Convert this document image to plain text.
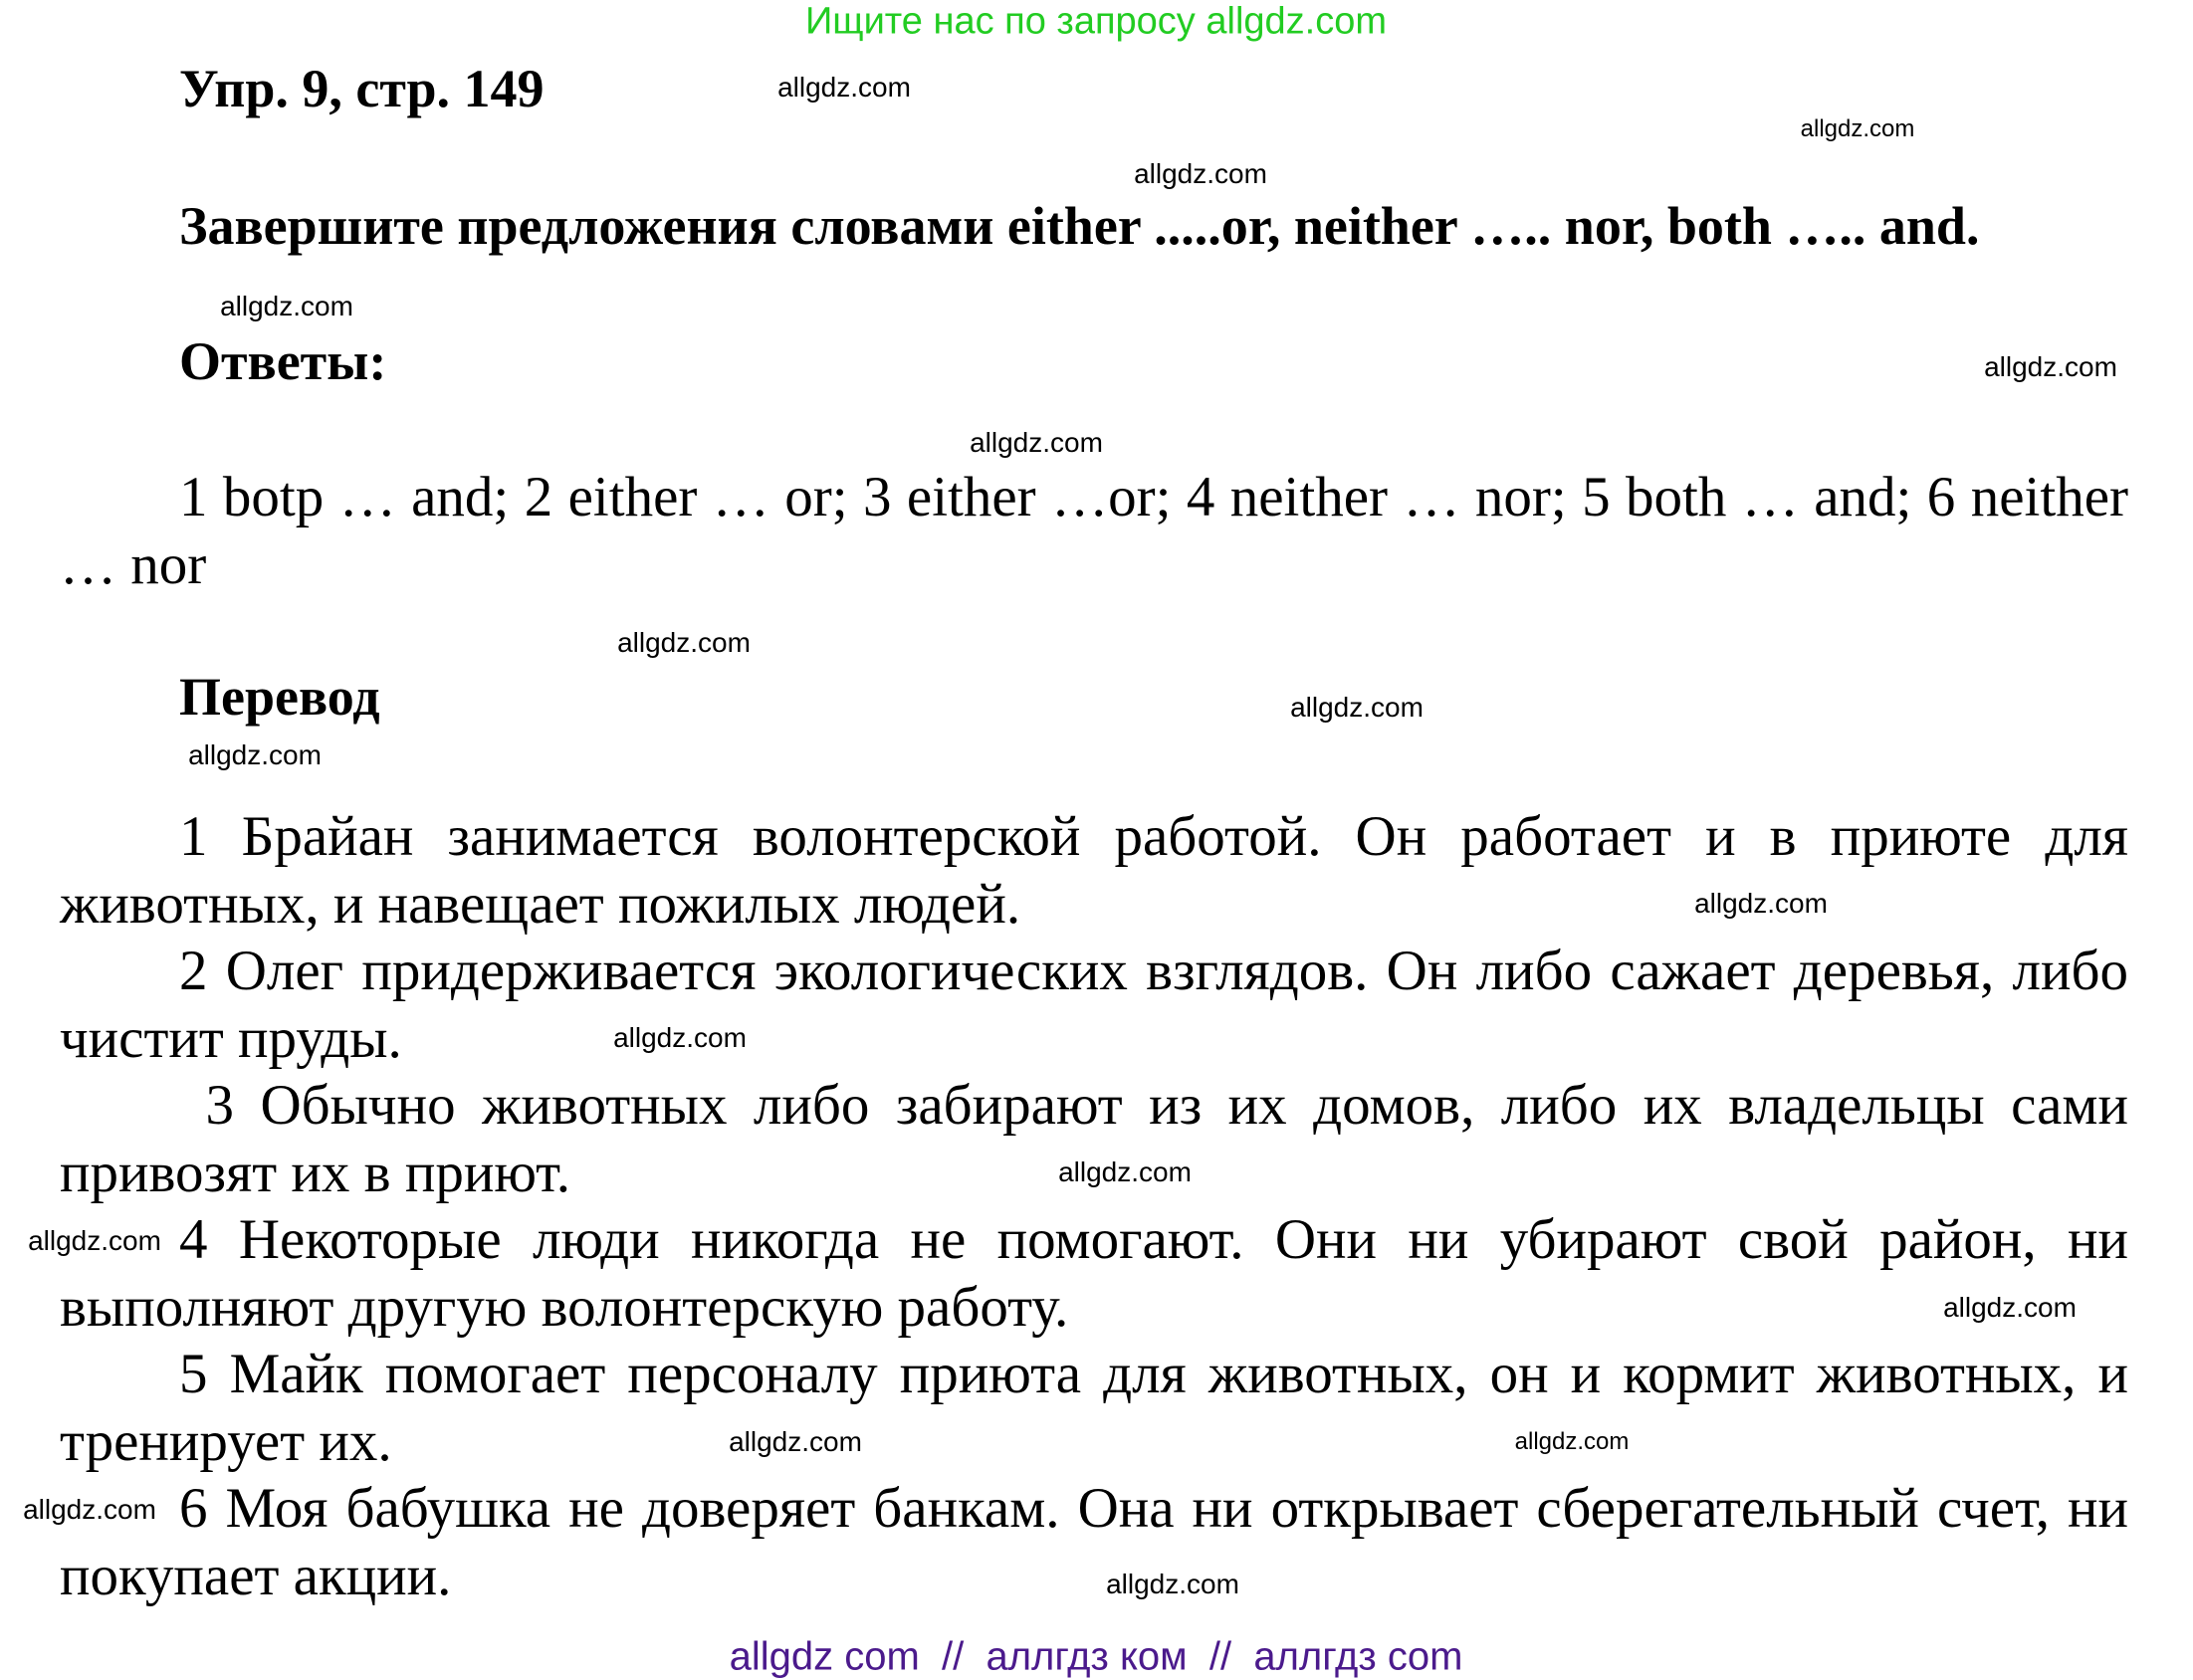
Ищите нас по запросу allgdz.com
Упр. 9, стр. 149
Завершите предложения словами either .....or, neither ….. nor, both ….. and.
Ответы:

1 botp … and; 2 either … or; 3 either …or; 4 neither … nor; 5 both … and; 6 neither … nor

Перевод

1 Брайан занимается волонтерской работой. Он работает и в приюте для животных, и навещает пожилых людей.

2 Олег придерживается экологических взглядов. Он либо сажает деревья, либо чистит пруды.

3 Обычно животных либо забирают из их домов, либо их владельцы сами привозят их в приют.

4 Некоторые люди никогда не помогают. Они ни убирают свой район, ни выполняют другую волонтерскую работу.

5 Майк помогает персоналу приюта для животных, он и кормит животных, и тренирует их.

6 Моя бабушка не доверяет банкам. Она ни открывает сберегательный счет, ни покупает акции.

allgdz.com
allgdz.com
allgdz.com
allgdz.com
allgdz.com
allgdz.com
allgdz.com
allgdz.com
allgdz.com
allgdz.com
allgdz.com
allgdz.com
allgdz.com
allgdz.com
allgdz.com
allgdz.com
allgdz.com
allgdz.com
allgdz com  //  аллгдз ком  //  аллгдз com
